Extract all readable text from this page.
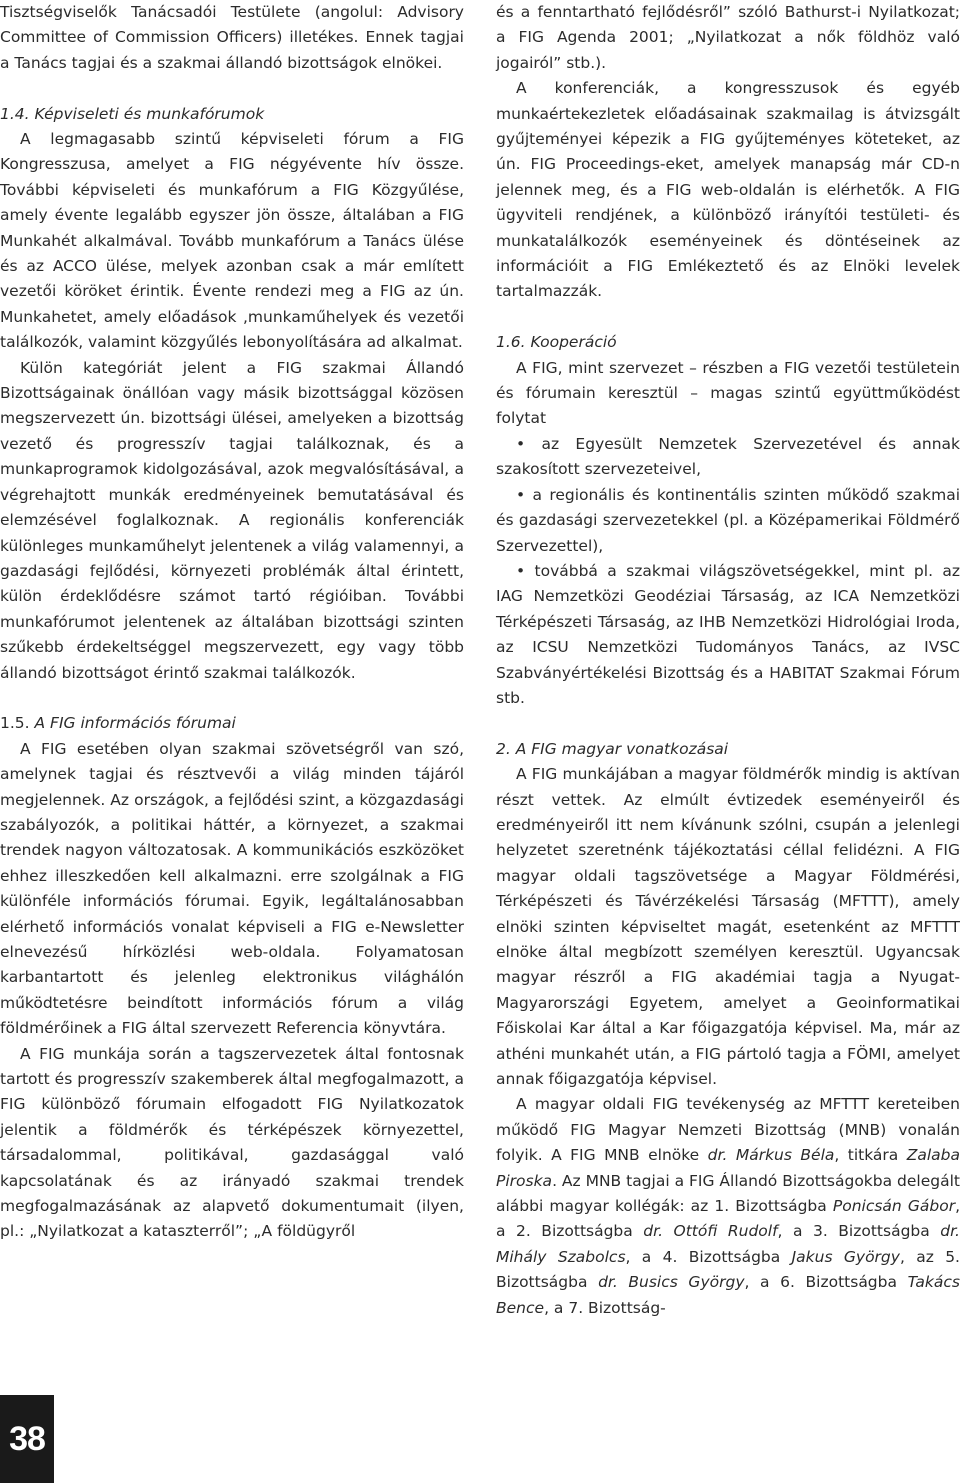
Tisztségviselők Tanácsadói Testülete (angolul: Advisory Committee of Commission Officers) illetékes. Ennek tagjai a Tanács tagjai és a szakmai állandó bizottságok elnökei.

1.4. Képviseleti és munkafórumok

A legmagasabb szintű képviseleti fórum a FIG Kongresszusa, amelyet a FIG négyévente hív össze. További képviseleti és munkafórum a FIG Közgyűlése, amely évente legalább egyszer jön össze, általában a FIG Munkahét alkalmával. Tovább munkafórum a Tanács ülése és az ACCO ülése, melyek azonban csak a már említett vezetői köröket érintik. Évente rendezi meg a FIG az ún. Munkahetet, amely előadások ,munkaműhelyek és vezetői találkozók, valamint közgyűlés lebonyolítására ad alkalmat.

Külön kategóriát jelent a FIG szakmai Állandó Bizottságainak önállóan vagy másik bizottsággal közösen megszervezett ún. bizottsági ülései, amelyeken a bizottság vezető és progresszív tagjai találkoznak, és a munkaprogramok kidolgozásával, azok megvalósításával, a végrehajtott munkák eredményeinek bemutatásával és elemzésével foglalkoznak. A regionális konferenciák különleges munkaműhelyt jelentenek a világ valamennyi, a gazdasági fejlődési, környezeti problémák által érintett, külön érdeklődésre számot tartó régióiban. További munkafórumot jelentenek az általában bizottsági szinten szűkebb érdekeltséggel megszervezett, egy vagy több állandó bizottságot érintő szakmai találkozók.

1.5. A FIG információs fórumai

A FIG esetében olyan szakmai szövetségről van szó, amelynek tagjai és résztvevői a világ minden tájáról megjelennek. Az országok, a fejlődési szint, a közgazdasági szabályozók, a politikai háttér, a környezet, a szakmai trendek nagyon változatosak. A kommunikációs eszközöket ehhez illeszkedően kell alkalmazni. erre szolgálnak a FIG különféle információs fórumai. Egyik, legáltalánosabban elérhető információs vonalat képviseli a FIG e-Newsletter elnevezésű hírközlési web-oldala. Folyamatosan karbantartott és jelenleg elektronikus világhálón működtetésre beindított információs fórum a világ földmérőinek a FIG által szervezett Referencia könyvtára.

A FIG munkája során a tagszervezetek által fontosnak tartott és progresszív szakemberek által megfogalmazott, a FIG különböző fórumain elfogadott FIG Nyilatkozatok jelentik a földmérők és térképészek környezettel, társadalommal, politikával, gazdasággal való kapcsolatának és az irányadó szakmai trendek megfogalmazásának az alapvető dokumentumait (ilyen, pl.: „Nyilatkozat a kataszterről”; „A földügyről

és a fenntartható fejlődésről” szóló Bathurst-i Nyilatkozat; a FIG Agenda 2001; „Nyilatkozat a nők földhöz való jogairól” stb.).

A konferenciák, a kongresszusok és egyéb munkaértekezletek előadásainak szakmailag is átvizsgált gyűjteményei képezik a FIG gyűjteményes köteteket, az ún. FIG Proceedings-eket, amelyek manapság már CD-n jelennek meg, és a FIG web-oldalán is elérhetők. A FIG ügyviteli rendjének, a különböző irányítói testületi- és munkatalálkozók eseményeinek és döntéseinek az információit a FIG Emlékeztető és az Elnöki levelek tartalmazzák.

1.6. Kooperáció

A FIG, mint szervezet – részben a FIG vezetői testületein és fórumain keresztül – magas szintű együttműködést folytat

• az Egyesült Nemzetek Szervezetével és annak szakosított szervezeteivel,

• a regionális és kontinentális szinten működő szakmai és gazdasági szervezetekkel (pl. a Középamerikai Földmérő Szervezettel),

• továbbá a szakmai világszövetségekkel, mint pl. az IAG Nemzetközi Geodéziai Társaság, az ICA Nemzetközi Térképészeti Társaság, az IHB Nemzetközi Hidrológiai Iroda, az ICSU Nemzetközi Tudományos Tanács, az IVSC Szabványértékelési Bizottság és a HABITAT Szakmai Fórum stb.

2. A FIG magyar vonatkozásai

A FIG munkájában a magyar földmérők mindig is aktívan részt vettek. Az elmúlt évtizedek eseményeiről és eredményeiről itt nem kívánunk szólni, csupán a jelenlegi helyzetet szeretnénk tájékoztatási céllal felidézni. A FIG magyar oldali tagszövetsége a Magyar Földmérési, Térképészeti és Távérzékelési Társaság (MFTTT), amely elnöki szinten képviseltet magát, esetenként az MFTTT elnöke által megbízott személyen keresztül. Ugyancsak magyar részről a FIG akadémiai tagja a Nyugat-Magyarországi Egyetem, amelyet a Geoinformatikai Főiskolai Kar által a Kar főigazgatója képvisel. Ma, már az athéni munkahét után, a FIG pártoló tagja a FÖMI, amelyet annak főigazgatója képvisel.

A magyar oldali FIG tevékenység az MFTTT kereteiben működő FIG Magyar Nemzeti Bizottság (MNB) vonalán folyik. A FIG MNB elnöke dr. Márkus Béla, titkára Zalaba Piroska. Az MNB tagjai a FIG Állandó Bizottságokba delegált alábbi magyar kollégák: az 1. Bizottságba Ponicsán Gábor, a 2. Bizottságba dr. Ottófi Rudolf, a 3. Bizottságba dr. Mihály Szabolcs, a 4. Bizottságba Jakus György, az 5. Bizottságba dr. Busics Györgу, a 6. Bizottságba Takács Bence, a 7. Bizottság-

38
